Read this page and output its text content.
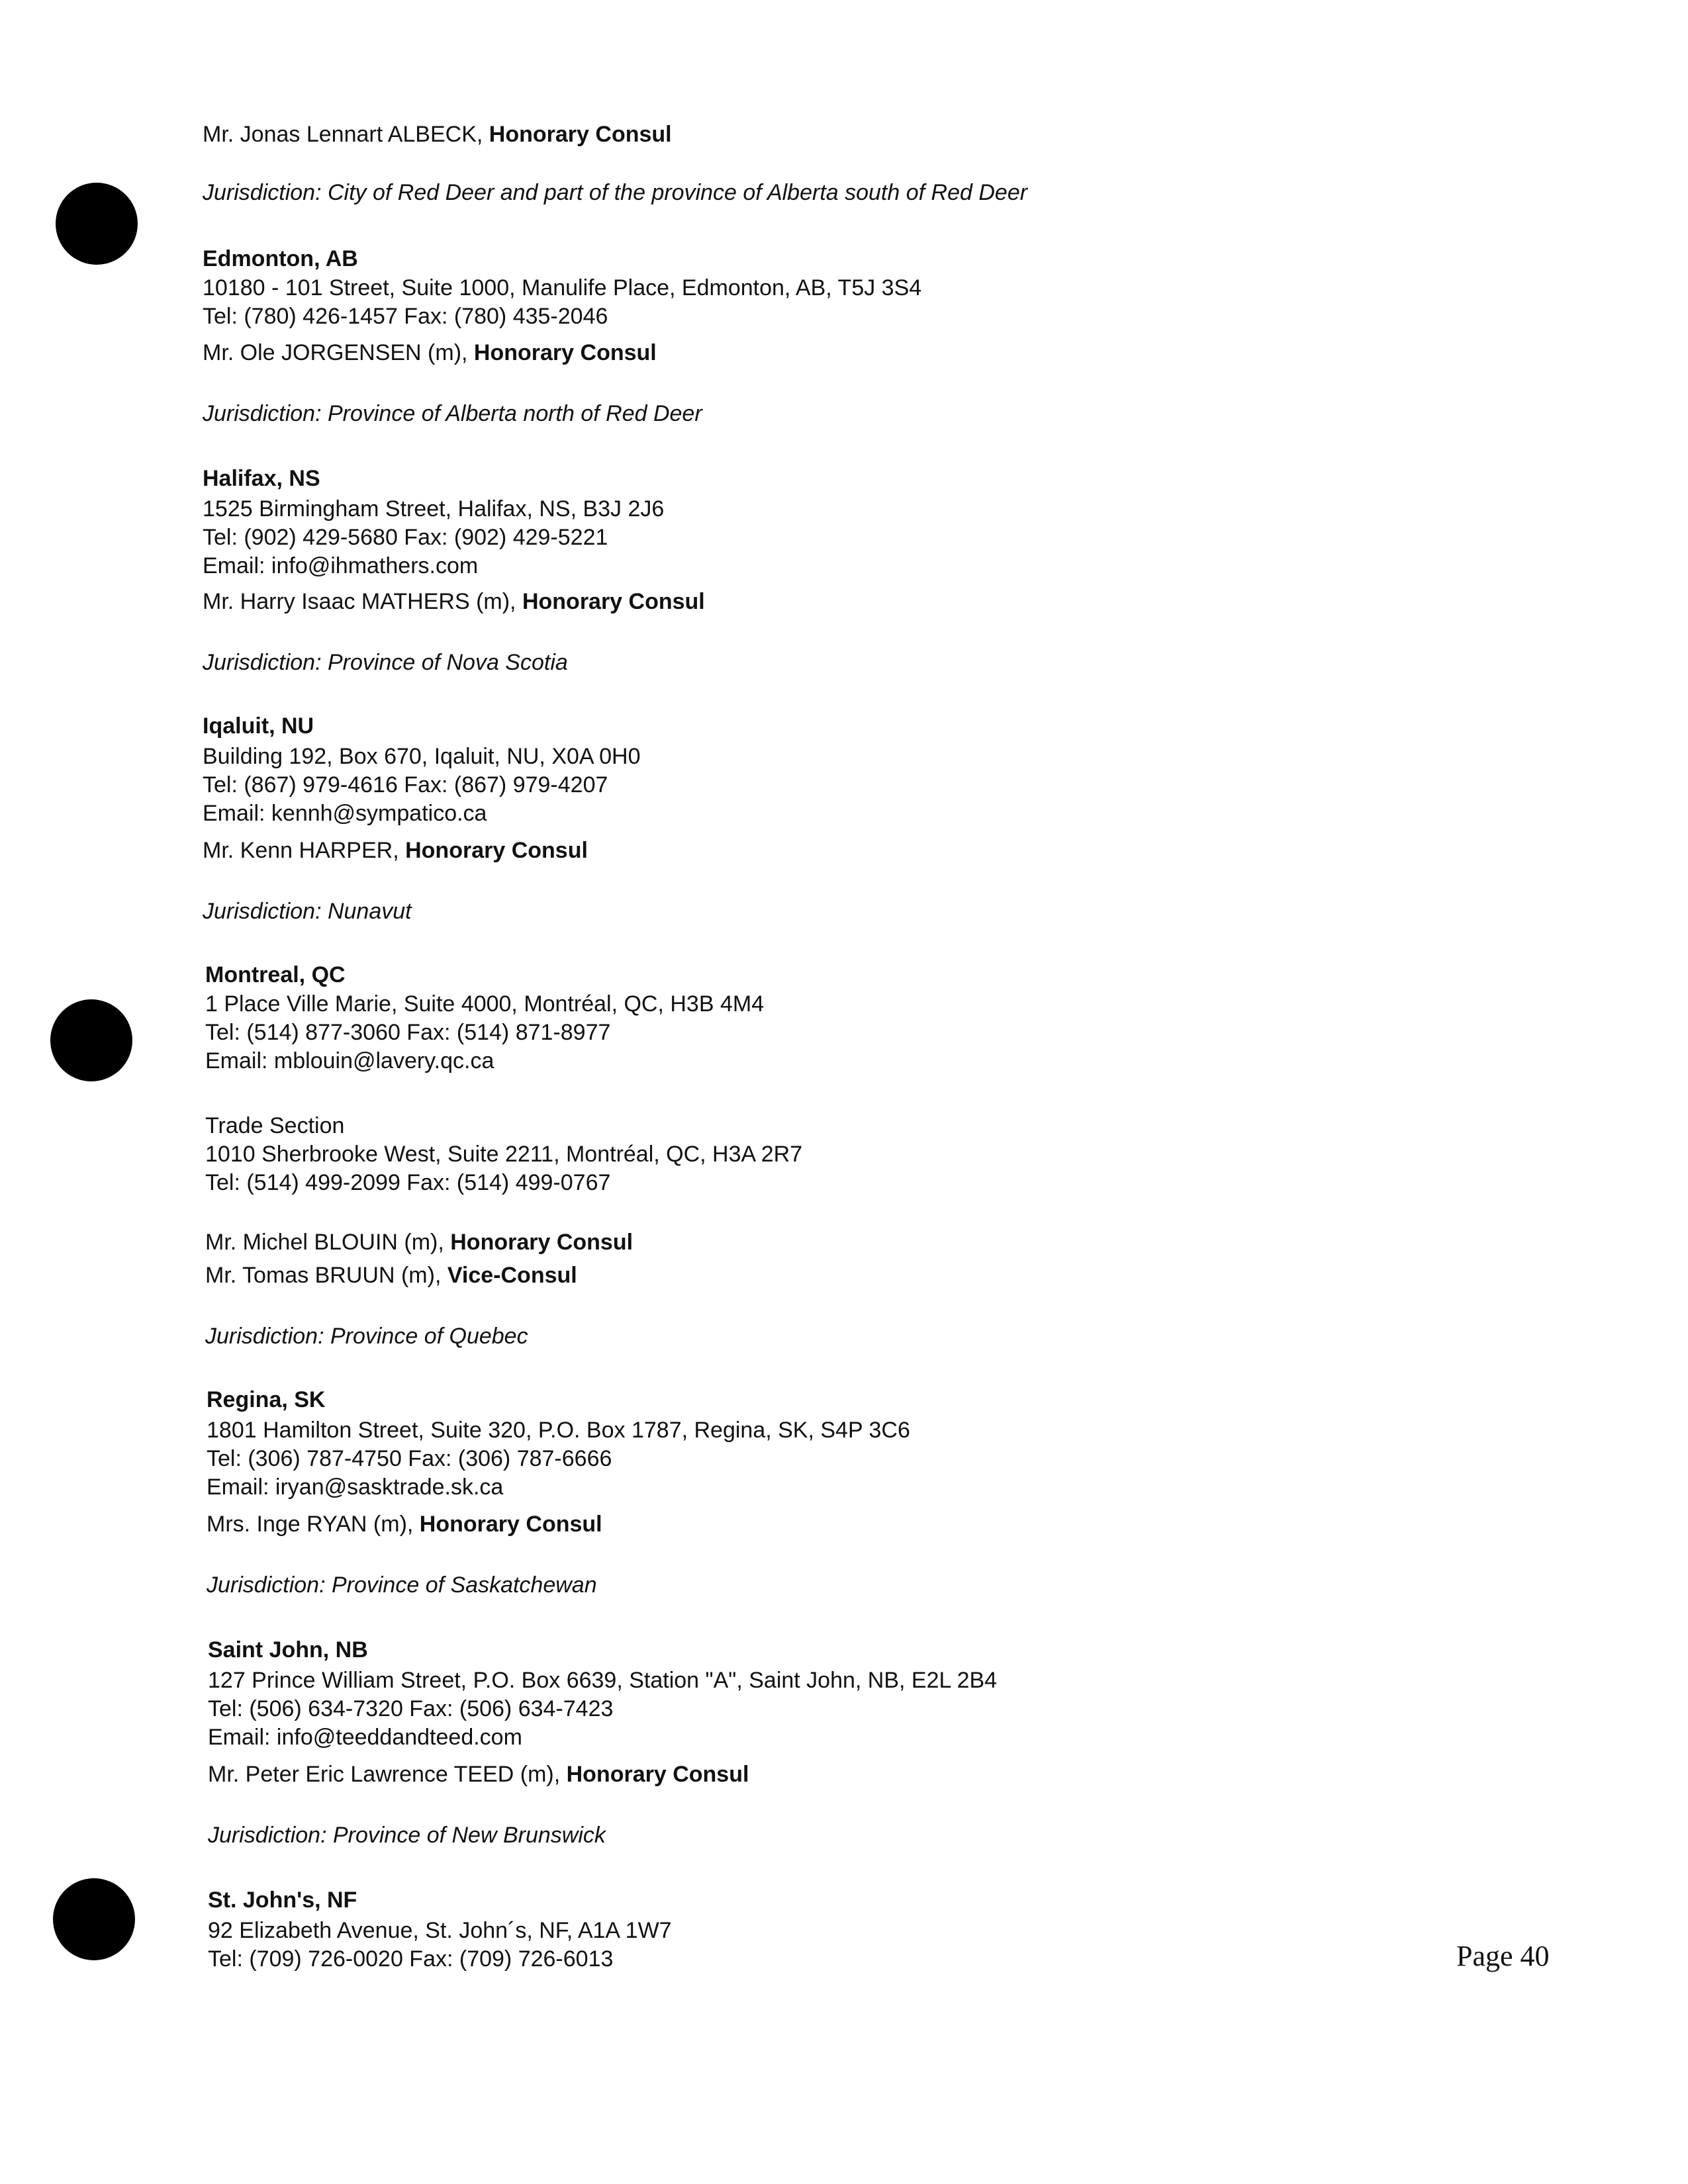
Mr. Jonas Lennart ALBECK, Honorary Consul
Jurisdiction: City of Red Deer and part of the province of Alberta south of Red Deer
Edmonton, AB
10180 - 101 Street, Suite 1000, Manulife Place, Edmonton, AB, T5J 3S4
Tel: (780) 426-1457 Fax: (780) 435-2046
Mr. Ole JORGENSEN (m), Honorary Consul
Jurisdiction: Province of Alberta north of Red Deer
Halifax, NS
1525 Birmingham Street, Halifax, NS, B3J 2J6
Tel: (902) 429-5680 Fax: (902) 429-5221
Email: info@ihmathers.com
Mr. Harry Isaac MATHERS (m), Honorary Consul
Jurisdiction: Province of Nova Scotia
Iqaluit, NU
Building 192, Box 670, Iqaluit, NU, X0A 0H0
Tel: (867) 979-4616 Fax: (867) 979-4207
Email: kennh@sympatico.ca
Mr. Kenn HARPER, Honorary Consul
Jurisdiction: Nunavut
Montreal, QC
1 Place Ville Marie, Suite 4000, Montréal, QC, H3B 4M4
Tel: (514) 877-3060 Fax: (514) 871-8977
Email: mblouin@lavery.qc.ca
Trade Section
1010 Sherbrooke West, Suite 2211, Montréal, QC, H3A 2R7
Tel: (514) 499-2099 Fax: (514) 499-0767
Mr. Michel BLOUIN (m), Honorary Consul
Mr. Tomas BRUUN (m), Vice-Consul
Jurisdiction: Province of Quebec
Regina, SK
1801 Hamilton Street, Suite 320, P.O. Box 1787, Regina, SK, S4P 3C6
Tel: (306) 787-4750 Fax: (306) 787-6666
Email: iryan@sasktrade.sk.ca
Mrs. Inge RYAN (m), Honorary Consul
Jurisdiction: Province of Saskatchewan
Saint John, NB
127 Prince William Street, P.O. Box 6639, Station "A", Saint John, NB, E2L 2B4
Tel: (506) 634-7320 Fax: (506) 634-7423
Email: info@teeddandteed.com
Mr. Peter Eric Lawrence TEED (m), Honorary Consul
Jurisdiction: Province of New Brunswick
St. John's, NF
92 Elizabeth Avenue, St. John´s, NF, A1A 1W7
Tel: (709) 726-0020 Fax: (709) 726-6013	Page 40
